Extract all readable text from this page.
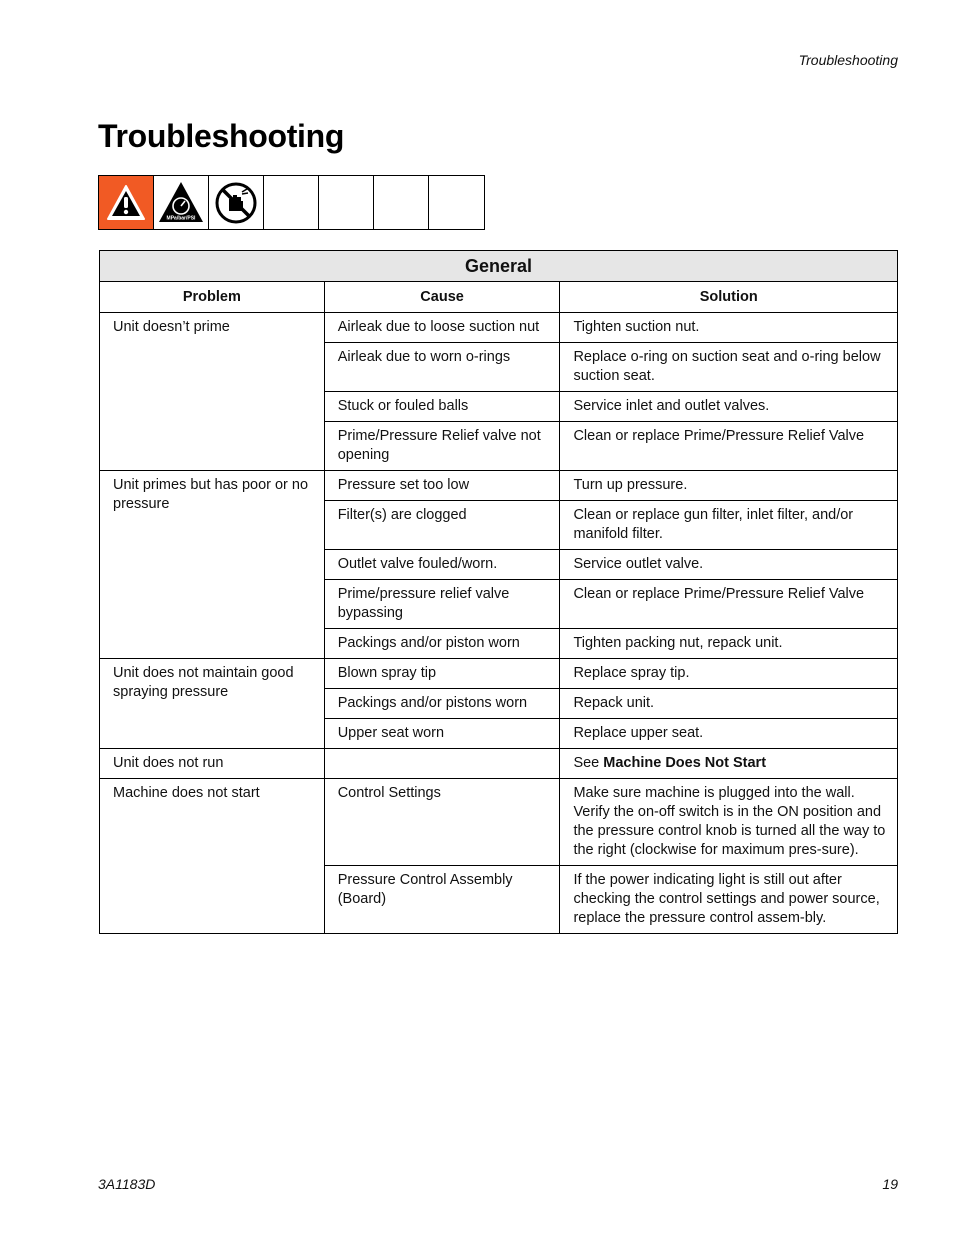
Troubleshooting
Troubleshooting
MPa/bar/PSI
General		
Problem	Cause	Solution
Unit doesn’t prime	Airleak due to loose suction nut	Tighten suction nut.
	Airleak due to worn o-rings	Replace o-ring on suction seat and o-ring below suction seat.
	Stuck or fouled balls	Service inlet and outlet valves.
	Prime/Pressure Relief valve not opening	Clean or replace Prime/Pressure Relief Valve
Unit primes but has poor or no pressure	Pressure set too low	Turn up pressure.
	Filter(s) are clogged	Clean or replace gun filter, inlet filter, and/or manifold filter.
	Outlet valve fouled/worn.	Service outlet valve.
	Prime/pressure relief valve bypassing	Clean or replace Prime/Pressure Relief Valve
	Packings and/or piston worn	Tighten packing nut, repack unit.
Unit does not maintain good spraying pressure	Blown spray tip	Replace spray tip.
	Packings and/or pistons worn	Repack unit.
	Upper seat worn	Replace upper seat.
Unit does not run		See Machine Does Not Start
Machine does not start	Control Settings	Make sure machine is plugged into the wall. Verify the on-off switch is in the ON position and the pressure control knob is turned all the way to the right (clockwise for maximum pres-sure).
	Pressure Control Assembly (Board)	If the power indicating light is still out after checking the control settings and power source, replace the pressure control assem-bly.
3A1183D	19
